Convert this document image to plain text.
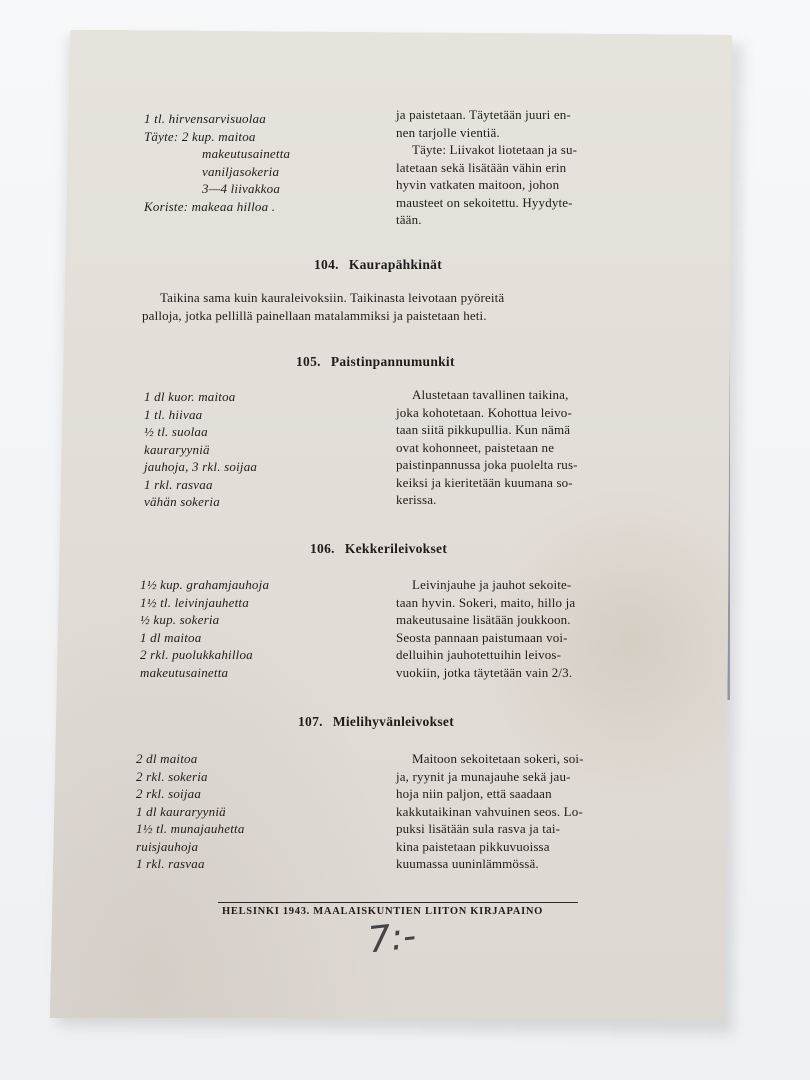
1 tl. hirvensarvisuolaa
Täyte: 2 kup. maitoa
makeutusainetta
vaniljasokeria
3—4 liivakkoa
Koriste: makeaa hilloa .
ja paistetaan. Täytetään juuri en-
nen tarjolle vientiä.
Täyte: Liivakot liotetaan ja su-
latetaan sekä lisätään vähin erin
hyvin vatkaten maitoon, johon
mausteet on sekoitettu. Hyydyte-
tään.
104. Kaurapähkinät
Taikina sama kuin kauraleivoksiin. Taikinasta leivotaan pyöreitä
palloja, jotka pellillä painellaan matalammiksi ja paistetaan heti.
105. Paistinpannumunkit
1 dl kuor. maitoa
1 tl. hiivaa
½ tl. suolaa
kauraryyniä
jauhoja, 3 rkl. soijaa
1 rkl. rasvaa
vähän sokeria
Alustetaan tavallinen taikina,
joka kohotetaan. Kohottua leivo-
taan siitä pikkupullia. Kun nämä
ovat kohonneet, paistetaan ne
paistinpannussa joka puolelta rus-
keiksi ja kieritetään kuumana so-
kerissa.
106. Kekkerileivokset
1½ kup. grahamjauhoja
1½ tl. leivinjauhetta
½ kup. sokeria
1 dl maitoa
2 rkl. puolukkahilloa
makeutusainetta
Leivinjauhe ja jauhot sekoite-
taan hyvin. Sokeri, maito, hillo ja
makeutusaine lisätään joukkoon.
Seosta pannaan paistumaan voi-
delluihin jauhotettuihin leivos-
vuokiin, jotka täytetään vain 2/3.
107. Mielihyvänleivokset
2 dl maitoa
2 rkl. sokeria
2 rkl. soijaa
1 dl kauraryyniä
1½ tl. munajauhetta
ruisjauhoja
1 rkl. rasvaa
Maitoon sekoitetaan sokeri, soi-
ja, ryynit ja munajauhe sekä jau-
hoja niin paljon, että saadaan
kakkutaikinan vahvuinen seos. Lo-
puksi lisätään sula rasva ja tai-
kina paistetaan pikkuvuoissa
kuumassa uuninlämmössä.
HELSINKI 1943. MAALAISKUNTIEN LIITON KIRJAPAINO
7:-
